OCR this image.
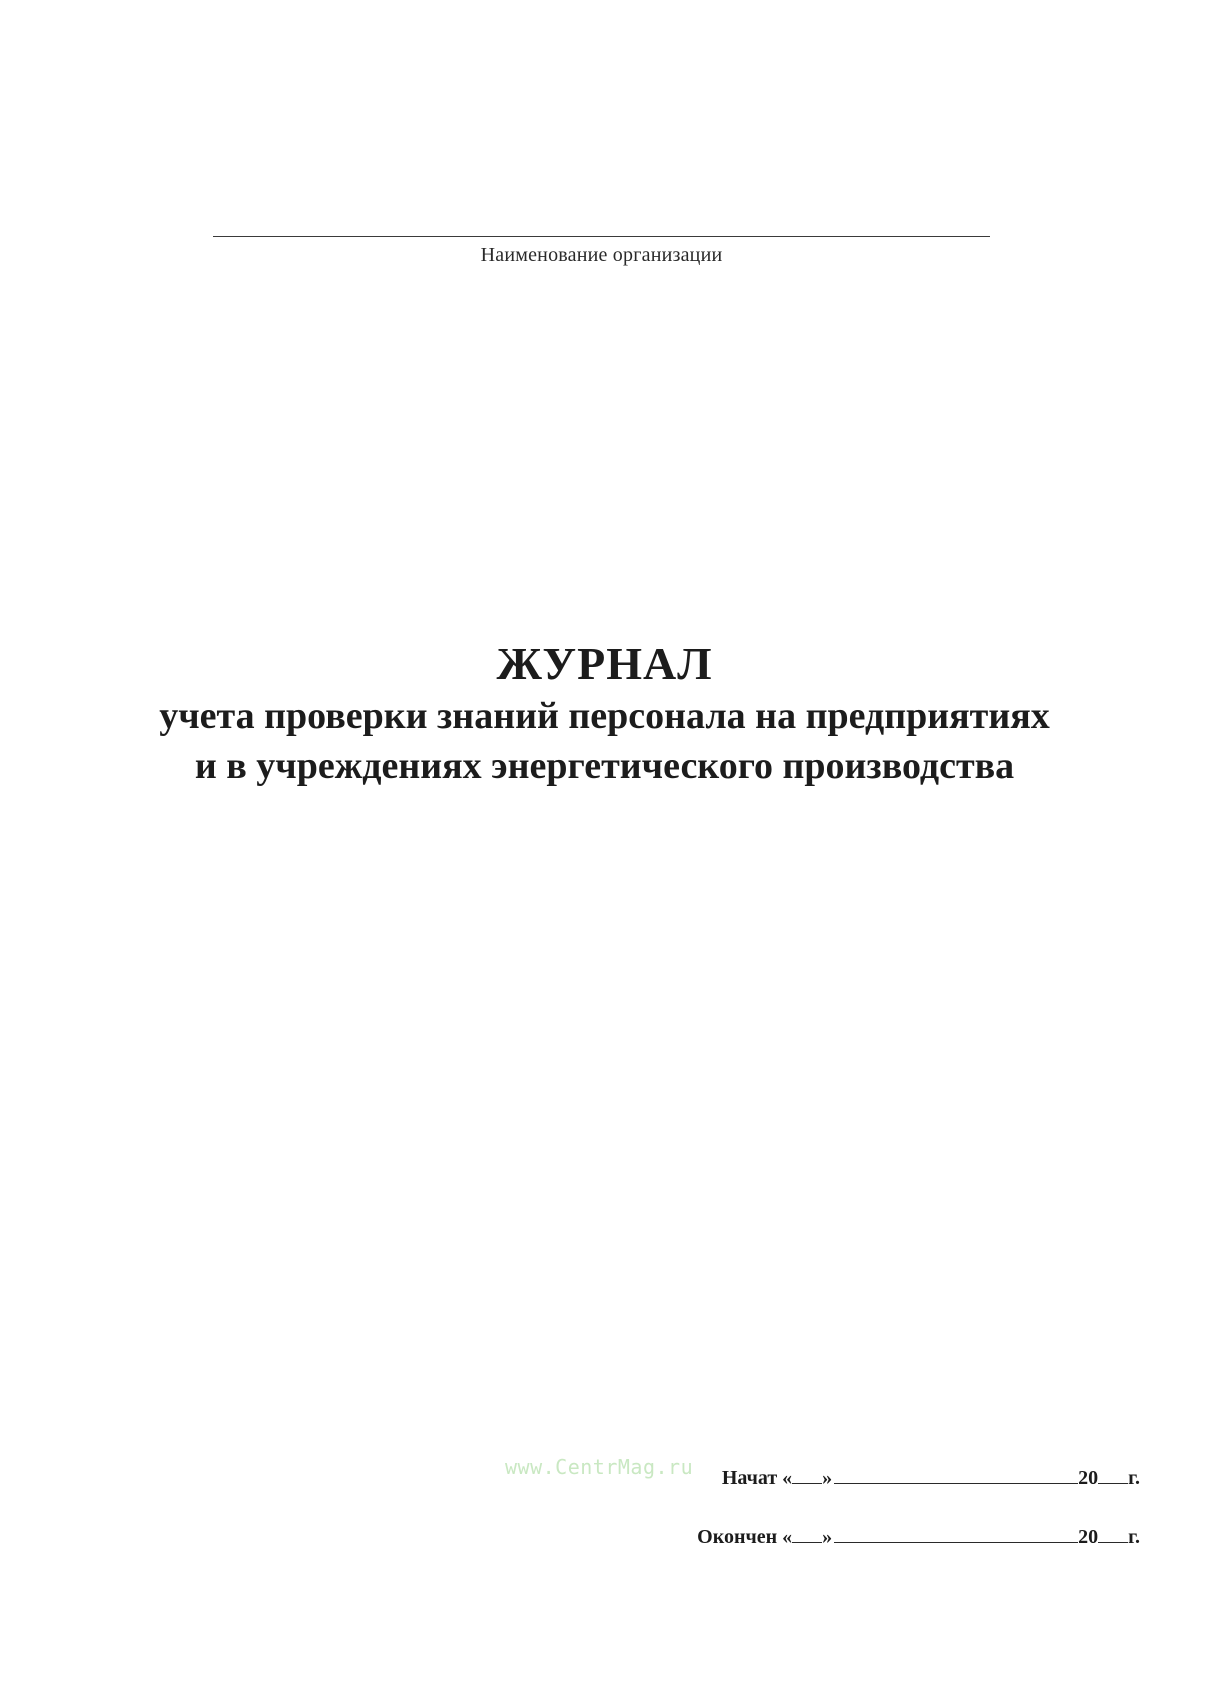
Наименование организации
ЖУРНАЛ
учета проверки знаний персонала на предприятиях
и в учреждениях энергетического производства
www.CentrMag.ru Начат
« »	20 г.
Окончен
« »	20 г.
